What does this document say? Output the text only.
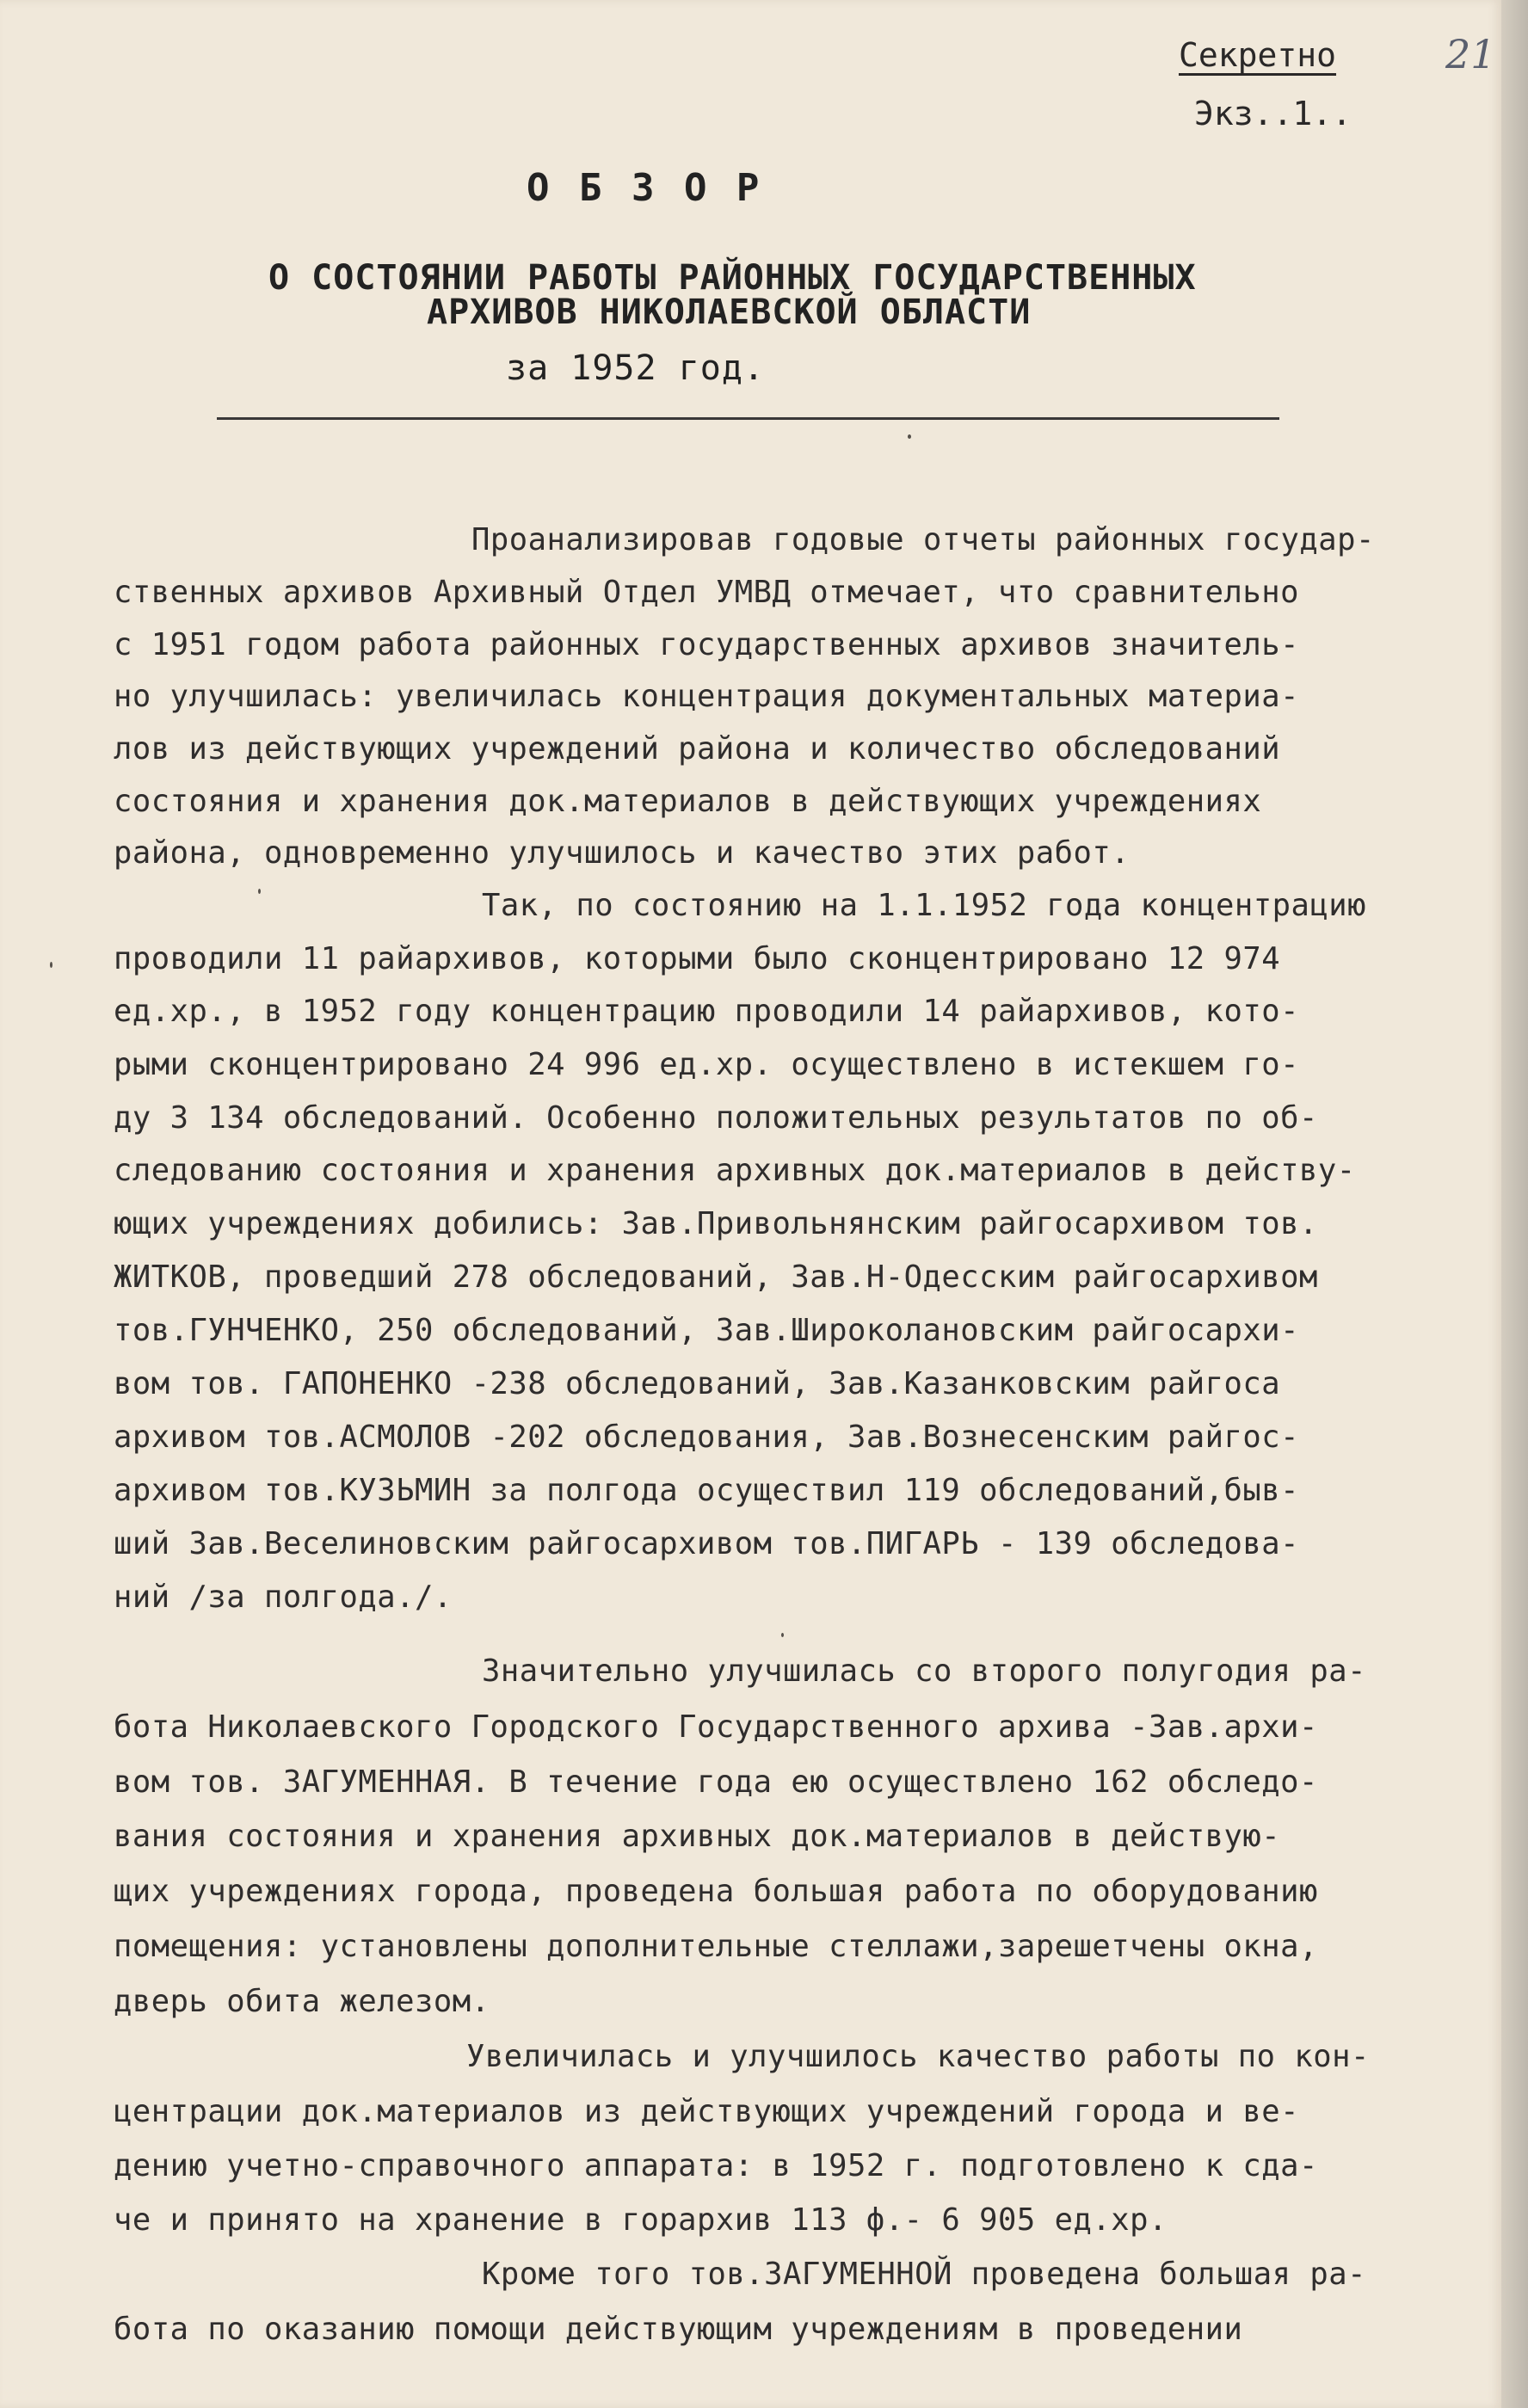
21
Секретно
Экз..1..
О Б З О Р
О СОСТОЯНИИ РАБОТЫ РАЙОННЫХ ГОСУДАРСТВЕННЫХ
АРХИВОВ НИКОЛАЕВСКОЙ ОБЛАСТИ
за 1952 год.

Проанализировав годовые отчеты районных государ-

ственных архивов Архивный Отдел УМВД отмечает, что сравнительно

с 1951 годом работа районных государственных архивов значитель-

но улучшилась: увеличилась концентрация документальных материа-

лов из действующих учреждений района и количество обследований

состояния и хранения док.материалов в действующих учреждениях

района, одновременно улучшилось и качество этих работ.

Так, по состоянию на 1.1.1952 года концентрацию

проводили 11 райархивов, которыми было сконцентрировано 12 974

ед.хр., в 1952 году концентрацию проводили 14 райархивов, кото-

рыми сконцентрировано 24 996 ед.хр. осуществлено в истекшем го-

ду 3 134 обследований. Особенно положительных результатов по об-

следованию состояния и хранения архивных док.материалов в действу-

ющих учреждениях добились: Зав.Привольнянским райгосархивом тов.

ЖИТКОВ, проведший 278 обследований, Зав.Н-Одесским райгосархивом

тов.ГУНЧЕНКО, 250 обследований, Зав.Широколановским райгосархи-

вом тов. ГАПОНЕНКО -238 обследований, Зав.Казанковским райгоса

архивом тов.АСМОЛОВ -202 обследования, Зав.Вознесенским райгос-

архивом тов.КУЗЬМИН за полгода осуществил 119 обследований,быв-

ший Зав.Веселиновским райгосархивом тов.ПИГАРЬ - 139 обследова-

ний /за полгода./.

Значительно улучшилась со второго полугодия ра-

бота Николаевского Городского Государственного архива -Зав.архи-

вом тов. ЗАГУМЕННАЯ. В течение года ею осуществлено 162 обследо-

вания состояния и хранения архивных док.материалов в действую-

щих учреждениях города, проведена большая работа по оборудованию

помещения: установлены дополнительные стеллажи,зарешетчены окна,

дверь обита железом.

Увеличилась и улучшилось качество работы по кон-

центрации док.материалов из действующих учреждений города и ве-

дению учетно-справочного аппарата: в 1952 г. подготовлено к сда-

че и принято на хранение в горархив 113 ф.- 6 905 ед.хр.

Кроме того тов.ЗАГУМЕННОЙ проведена большая ра-

бота по оказанию помощи действующим учреждениям в проведении
